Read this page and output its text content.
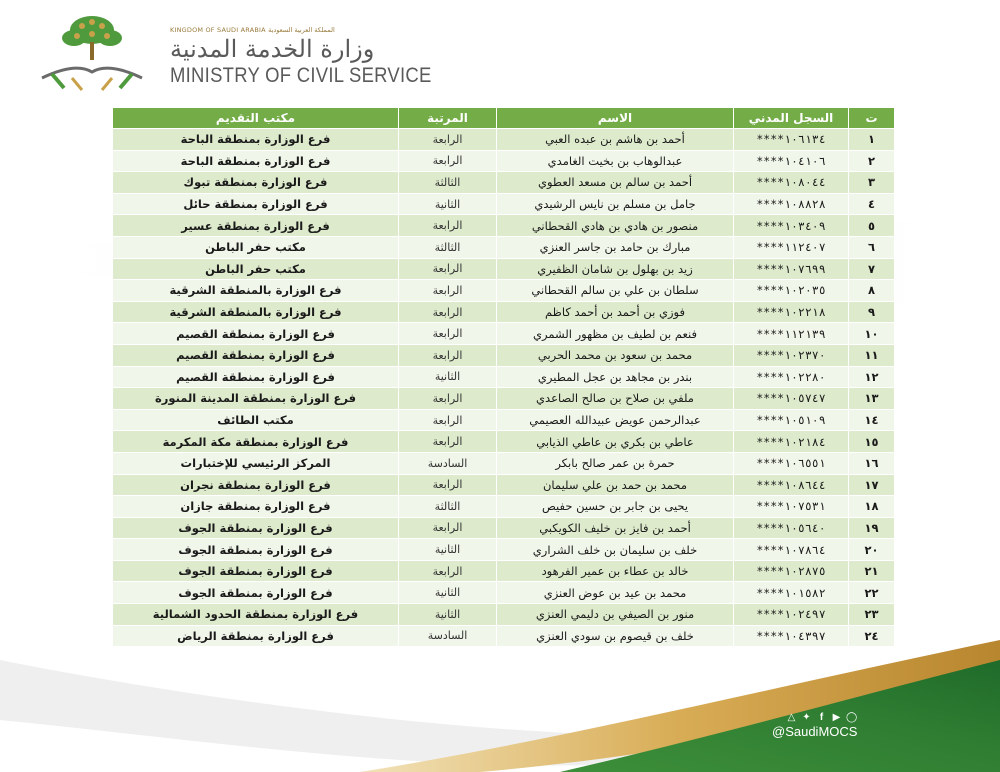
KINGDOM OF SAUDI ARABIA المملكة العربية السعودية
وزارة الخدمة المدنية
MINISTRY OF CIVIL SERVICE
ت	السجل المدني	الاسم	المرتبة	مكتب التقديم
١	١٠٦١٣٤****	أحمد بن هاشم بن عبده العبي	الرابعة	فرع الوزارة بمنطقة الباحة
٢	١٠٤١٠٦****	عبدالوهاب بن بخيت الغامدي	الرابعة	فرع الوزارة بمنطقة الباحة
٣	١٠٨٠٤٤****	أحمد بن سالم بن مسعد العطوي	الثالثة	فرع الوزارة بمنطقة تبوك
٤	١٠٨٨٢٨****	جامل بن مسلم بن نايس الرشيدي	الثانية	فرع الوزارة بمنطقة حائل
٥	١٠٣٤٠٩****	منصور بن هادي بن هادي القحطاني	الرابعة	فرع الوزارة بمنطقة عسير
٦	١١٢٤٠٧****	مبارك بن حامد بن جاسر العنزي	الثالثة	مكتب حفر الباطن
٧	١٠٧٦٩٩****	زيد بن بهلول بن شامان الظفيري	الرابعة	مكتب حفر الباطن
٨	١٠٢٠٣٥****	سلطان بن علي بن سالم القحطاني	الرابعة	فرع الوزارة بالمنطقة الشرقية
٩	١٠٢٢١٨****	فوزي بن أحمد بن أحمد كاظم	الرابعة	فرع الوزارة بالمنطقة الشرقية
١٠	١١٢١٣٩****	فنعم بن لطيف بن مظهور الشمري	الرابعة	فرع الوزارة بمنطقة القصيم
١١	١٠٢٣٧٠****	محمد بن سعود بن محمد الحربي	الرابعة	فرع الوزارة بمنطقة القصيم
١٢	١٠٢٢٨٠****	بندر بن مجاهد بن عجل المطيري	الثانية	فرع الوزارة بمنطقة القصيم
١٣	١٠٥٧٤٧****	ملفي بن صلاح بن صالح الصاعدي	الرابعة	فرع الوزارة بمنطقة المدينة المنورة
١٤	١٠٥١٠٩****	عبدالرحمن عويض عبيدالله العصيمي	الرابعة	مكتب الطائف
١٥	١٠٢١٨٤****	عاطي بن بكري بن عاطي الذيابي	الرابعة	فرع الوزارة بمنطقة مكة المكرمة
١٦	١٠٦٥٥١****	حمرة بن عمر صالح بابكر	السادسة	المركز الرئيسي للإختبارات
١٧	١٠٨٦٤٤****	محمد بن حمد بن علي سليمان	الرابعة	فرع الوزارة بمنطقة نجران
١٨	١٠٧٥٣١****	يحيى بن جابر بن حسين حفيص	الثالثة	فرع الوزارة بمنطقة جازان
١٩	١٠٥٦٤٠****	أحمد بن فايز بن خليف الكويكبي	الرابعة	فرع الوزارة بمنطقة الجوف
٢٠	١٠٧٨٦٤****	خلف بن سليمان بن خلف الشراري	الثانية	فرع الوزارة بمنطقة الجوف
٢١	١٠٢٨٧٥****	خالد بن عطاء بن عمير الفرهود	الرابعة	فرع الوزارة بمنطقة الجوف
٢٢	١٠١٥٨٢****	محمد بن عيد بن عوض العنزي	الثانية	فرع الوزارة بمنطقة الجوف
٢٣	١٠٢٤٩٧****	منور بن الصيفي بن دليمي العنزي	الثانية	فرع الوزارة بمنطقة الحدود الشمالية
٢٤	١٠٤٣٩٧****	خلف بن قيصوم بن سودي العنزي	السادسة	فرع الوزارة بمنطقة الرياض
△ ✦ f ▶ ◯
@SaudiMOCS
